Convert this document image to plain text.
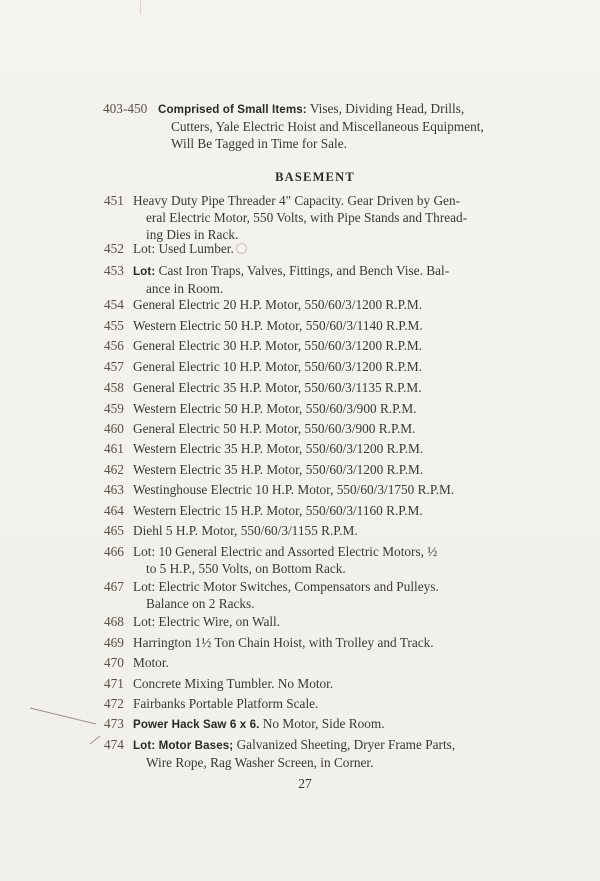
403-450 Comprised of Small Items: Vises, Dividing Head, Drills,
Cutters, Yale Electric Hoist and Miscellaneous Equipment,
Will Be Tagged in Time for Sale.
BASEMENT
451 Heavy Duty Pipe Threader 4" Capacity. Gear Driven by Gen-
eral Electric Motor, 550 Volts, with Pipe Stands and Thread-
ing Dies in Rack.
452 Lot: Used Lumber.
453 Lot: Cast Iron Traps, Valves, Fittings, and Bench Vise. Bal-
ance in Room.
454 General Electric 20 H.P. Motor, 550/60/3/1200 R.P.M.
455 Western Electric 50 H.P. Motor, 550/60/3/1140 R.P.M.
456 General Electric 30 H.P. Motor, 550/60/3/1200 R.P.M.
457 General Electric 10 H.P. Motor, 550/60/3/1200 R.P.M.
458 General Electric 35 H.P. Motor, 550/60/3/1135 R.P.M.
459 Western Electric 50 H.P. Motor, 550/60/3/900 R.P.M.
460 General Electric 50 H.P. Motor, 550/60/3/900 R.P.M.
461 Western Electric 35 H.P. Motor, 550/60/3/1200 R.P.M.
462 Western Electric 35 H.P. Motor, 550/60/3/1200 R.P.M.
463 Westinghouse Electric 10 H.P. Motor, 550/60/3/1750 R.P.M.
464 Western Electric 15 H.P. Motor, 550/60/3/1160 R.P.M.
465 Diehl 5 H.P. Motor, 550/60/3/1155 R.P.M.
466 Lot: 10 General Electric and Assorted Electric Motors, ½
to 5 H.P., 550 Volts, on Bottom Rack.
467 Lot: Electric Motor Switches, Compensators and Pulleys.
Balance on 2 Racks.
468 Lot: Electric Wire, on Wall.
469 Harrington 1½ Ton Chain Hoist, with Trolley and Track.
470 Motor.
471 Concrete Mixing Tumbler. No Motor.
472 Fairbanks Portable Platform Scale.
473 Power Hack Saw 6 x 6. No Motor, Side Room.
474 Lot: Motor Bases; Galvanized Sheeting, Dryer Frame Parts,
Wire Rope, Rag Washer Screen, in Corner.
27
